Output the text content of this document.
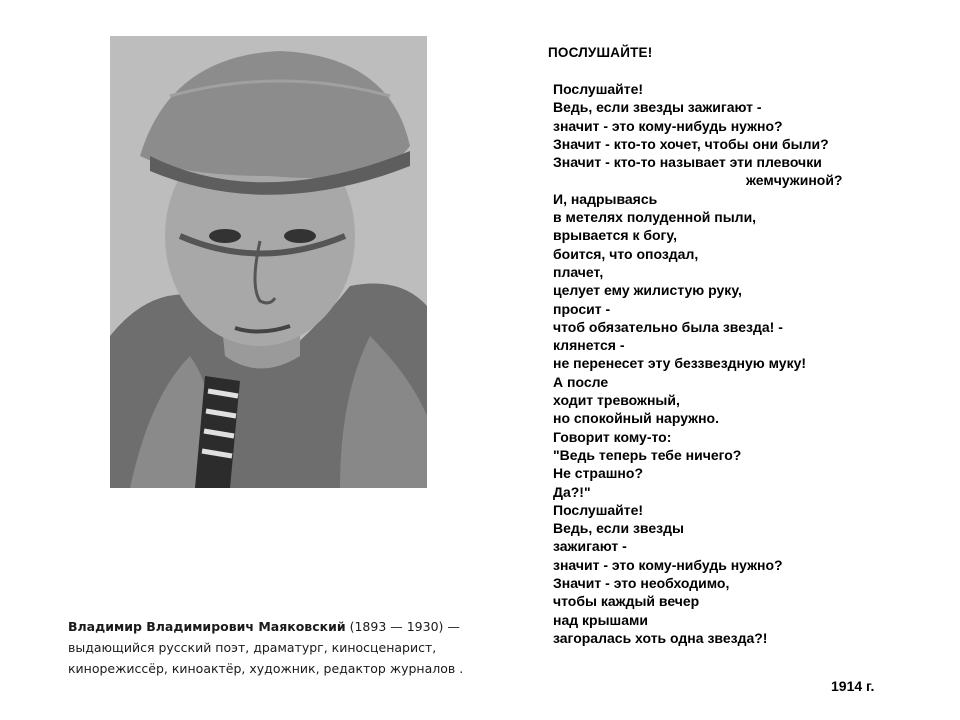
Владимир Владимирович Маяковский (1893 — 1930) —
выдающийся русский поэт, драматург, киносценарист,
кинорежиссёр, киноактёр, художник, редактор журналов .
ПОСЛУШАЙТЕ!
Послушайте!
Ведь, если звезды зажигают -
значит - это кому-нибудь нужно?
Значит - кто-то хочет, чтобы они были?
Значит - кто-то называет эти плевочки
жемчужиной?
И, надрываясь
в метелях полуденной пыли,
врывается к богу,
боится, что опоздал,
плачет,
целует ему жилистую руку,
просит -
чтоб обязательно была звезда! -
клянется -
не перенесет эту беззвездную муку!
А после
ходит тревожный,
но спокойный наружно.
Говорит кому-то:
"Ведь теперь тебе ничего?
Не страшно?
Да?!"
Послушайте!
Ведь, если звезды
зажигают -
значит - это кому-нибудь нужно?
Значит - это необходимо,
чтобы каждый вечер
над крышами
загоралась хоть одна звезда?!
1914 г.
